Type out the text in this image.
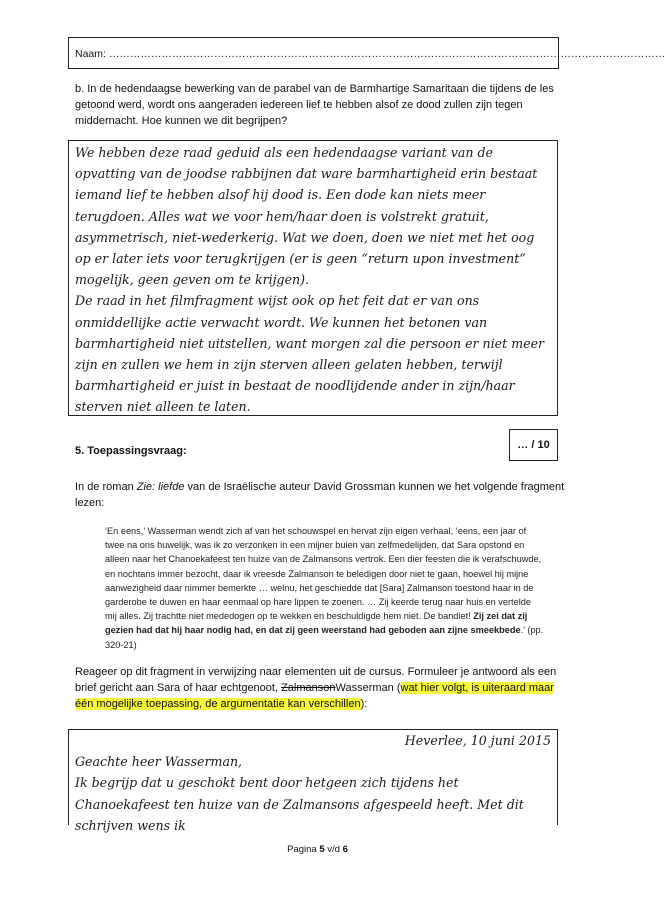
Naam: ……………………………………………………………………………………………………………………………………………
b. In de hedendaagse bewerking van de parabel van de Barmhartige Samaritaan die tijdens de les getoond werd, wordt ons aangeraden iedereen lief te hebben alsof ze dood zullen zijn tegen middernacht. Hoe kunnen we dit begrijpen?

We hebben deze raad geduid als een hedendaagse variant van de opvatting van de joodse rabbijnen dat ware barmhartigheid erin bestaat iemand lief te hebben alsof hij dood is. Een dode kan niets meer terugdoen. Alles wat we voor hem/haar doen is volstrekt gratuit, asymmetrisch, niet-wederkerig. Wat we doen, doen we niet met het oog op er later iets voor terugkrijgen (er is geen “return upon investment” mogelijk, geen geven om te krijgen).

De raad in het filmfragment wijst ook op het feit dat er van ons onmiddellijke actie verwacht wordt. We kunnen het betonen van barmhartigheid niet uitstellen, want morgen zal die persoon er niet meer zijn en zullen we hem in zijn sterven alleen gelaten hebben, terwijl barmhartigheid er juist in bestaat de noodlijdende ander in zijn/haar sterven niet alleen te laten.

5. Toepassingsvraag:	… / 10
In de roman Zie: liefde van de Israëlische auteur David Grossman kunnen we het volgende fragment lezen:
‘En eens,’ Wasserman wendt zich af van het schouwspel en hervat zijn eigen verhaal, ‘eens, een jaar of twee na ons huwelijk, was ik zo verzonken in een mijner buien van zelfmedelijden, dat Sara opstond en alleen naar het Chanoekafeest ten huize van de Zalmansons vertrok. Een dier feesten die ik verafschuwde, en nochtans immer bezocht, daar ik vreesde Zalmanson te beledigen door niet te gaan, hoewel hij mijne aanwezigheid daar nimmer bemerkte … welnu, het geschiedde dat [Sara] Zalmanson toestond haar in de garderobe te duwen en haar eenmaal op hare lippen te zoenen. … Zij keerde terug naar huis en vertelde mij alles. Zij trachtte niet mededogen op te wekken en beschuldigde hem niet. De bandiet! Zij zei dat zij gezien had dat hij haar nodig had, en dat zij geen weerstand had geboden aan zijne smeekbede.’ (pp. 320-21)
Reageer op dit fragment in verwijzing naar elementen uit de cursus. Formuleer je antwoord als een brief gericht aan Sara of haar echtgenoot, ZalmansonWasserman (wat hier volgt, is uiteraard maar één mogelijke toepassing, de argumentatie kan verschillen):

Heverlee, 10 juni 2015

Geachte heer Wasserman,

Ik begrijp dat u geschokt bent door hetgeen zich tijdens het Chanoekafeest ten huize van de Zalmansons afgespeeld heeft. Met dit schrijven wens ik

Pagina 5 v/d 6
